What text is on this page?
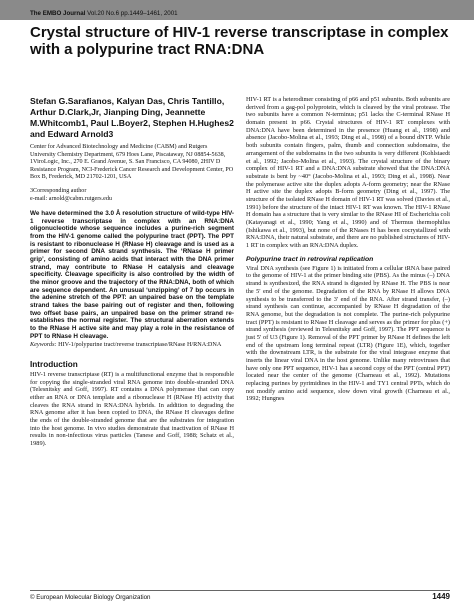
The EMBO Journal Vol.20 No.6 pp.1449–1461, 2001
Crystal structure of HIV-1 reverse transcriptase in complex with a polypurine tract RNA:DNA
Stefan G.Sarafianos, Kalyan Das, Chris Tantillo, Arthur D.Clark,Jr, Jianping Ding, Jeannette M.Whitcomb1, Paul L.Boyer2, Stephen H.Hughes2 and Edward Arnold3
Center for Advanced Biotechnology and Medicine (CABM) and Rutgers University Chemistry Department, 679 Hoes Lane, Piscataway, NJ 08854-5638, 1ViroLogic, Inc., 270 E. Grand Avenue, S. San Francisco, CA 94080, 2HIV D Resistance Program, NCI-Frederick Cancer Research and Development Center, PO Box B, Frederick, MD 21702-1201, USA
3Corresponding author
e-mail: arnold@cabm.rutgers.edu
We have determined the 3.0 Å resolution structure of wild-type HIV-1 reverse transcriptase in complex with an RNA:DNA oligonucleotide whose sequence includes a purine-rich segment from the HIV-1 genome called the polypurine tract (PPT). The PPT is resistant to ribonuclease H (RNase H) cleavage and is used as a primer for second DNA strand synthesis. The ‘RNase H primer grip’, consisting of amino acids that interact with the DNA primer strand, may contribute to RNase H catalysis and cleavage specificity. Cleavage specificity is also controlled by the width of the minor groove and the trajectory of the RNA:DNA, both of which are sequence dependent. An unusual ‘unzipping’ of 7 bp occurs in the adenine stretch of the PPT: an unpaired base on the template strand takes the base pairing out of register and then, following two offset base pairs, an unpaired base on the primer strand re-establishes the normal register. The structural aberration extends to the RNase H active site and may play a role in the resistance of PPT to RNase H cleavage.
Keywords: HIV-1/polypurine tract/reverse transcriptase/RNase H/RNA:DNA
Introduction
HIV-1 reverse transcriptase (RT) is a multifunctional enzyme that is responsible for copying the single-stranded viral RNA genome into double-stranded DNA (Telesnitsky and Goff, 1997). RT contains a DNA polymerase that can copy either an RNA or DNA template and a ribonuclease H (RNase H) activity that cleaves the RNA strand in RNA:DNA hybrids. In addition to degrading the RNA genome after it has been copied to DNA, the RNase H cleavages define the ends of the double-stranded genome that are the substrates for integration into the host genome. In vivo studies demonstrate that inactivation of RNase H results in non-infectious virus particles (Tanese and Goff, 1988; Schatz et al., 1989).
HIV-1 RT is a heterodimer consisting of p66 and p51 subunits. Both subunits are derived from a gag-pol polyprotein, which is cleaved by the viral protease. The two subunits have a common N-terminus; p51 lacks the C-terminal RNase H domain present in p66. Crystal structures of HIV-1 RT complexes with DNA:DNA have been determined in the presence (Huang et al., 1998) and absence (Jacobo-Molina et al., 1993; Ding et al., 1998) of a bound dNTP. While both subunits contain fingers, palm, thumb and connection subdomains, the arrangement of the subdomains in the two subunits is very different (Kohlstaedt et al., 1992; Jacobo-Molina et al., 1993). The crystal structure of the binary complex of HIV-1 RT and a DNA:DNA substrate showed that the DNA:DNA substrate is bent by ~40° (Jacobo-Molina et al., 1993; Ding et al., 1998). Near the polymerase active site the duplex adopts A-form geometry; near the RNase H active site the duplex adopts B-form geometry (Ding et al., 1997). The structure of the isolated RNase H domain of HIV-1 RT was solved (Davies et al., 1991) before the structure of the intact HIV-1 RT was known. The HIV-1 RNase H domain has a structure that is very similar to the RNase HI of Escherichia coli (Katayanagi et al., 1990; Yang et al., 1990) and of Thermus thermophilus (Ishikawa et al., 1993), but none of the RNases H has been cocrystallized with RNA:DNA, their natural substrate, and there are no published structures of HIV-1 RT in complex with an RNA:DNA duplex.
Polypurine tract in retroviral replication
Viral DNA synthesis (see Figure 1) is initiated from a cellular tRNA base paired to the genome of HIV-1 at the primer binding site (PBS). As the minus (–) DNA strand is synthesized, the RNA strand is digested by RNase H. The PBS is near the 5′ end of the genome. Degradation of the RNA by RNase H allows DNA synthesis to be transferred to the 3′ end of the RNA. After strand transfer, (–) strand synthesis can continue, accompanied by RNase H degradation of the RNA genome, but the degradation is not complete. The purine-rich polypurine tract (PPT) is resistant to RNase H cleavage and serves as the primer for plus (+) strand synthesis (reviewed in Telesnitsky and Goff, 1997). The PPT sequence is just 5′ of U3 (Figure 1). Removal of the PPT primer by RNase H defines the left end of the upstream long terminal repeat (LTR) (Figure 1E), which, together with the downstream LTR, is the substrate for the viral integrase enzyme that inserts the linear viral DNA in the host genome. Unlike many retroviruses that have only one PPT sequence, HIV-1 has a second copy of the PPT (central PPT) located near the center of the genome (Charneau et al., 1992). Mutations replacing purines by pyrimidines in the HIV-1 and TY1 central PPTs, which do not modify amino acid sequence, slow down viral growth (Charneau et al., 1992; Hungnes
© European Molecular Biology Organization	1449
